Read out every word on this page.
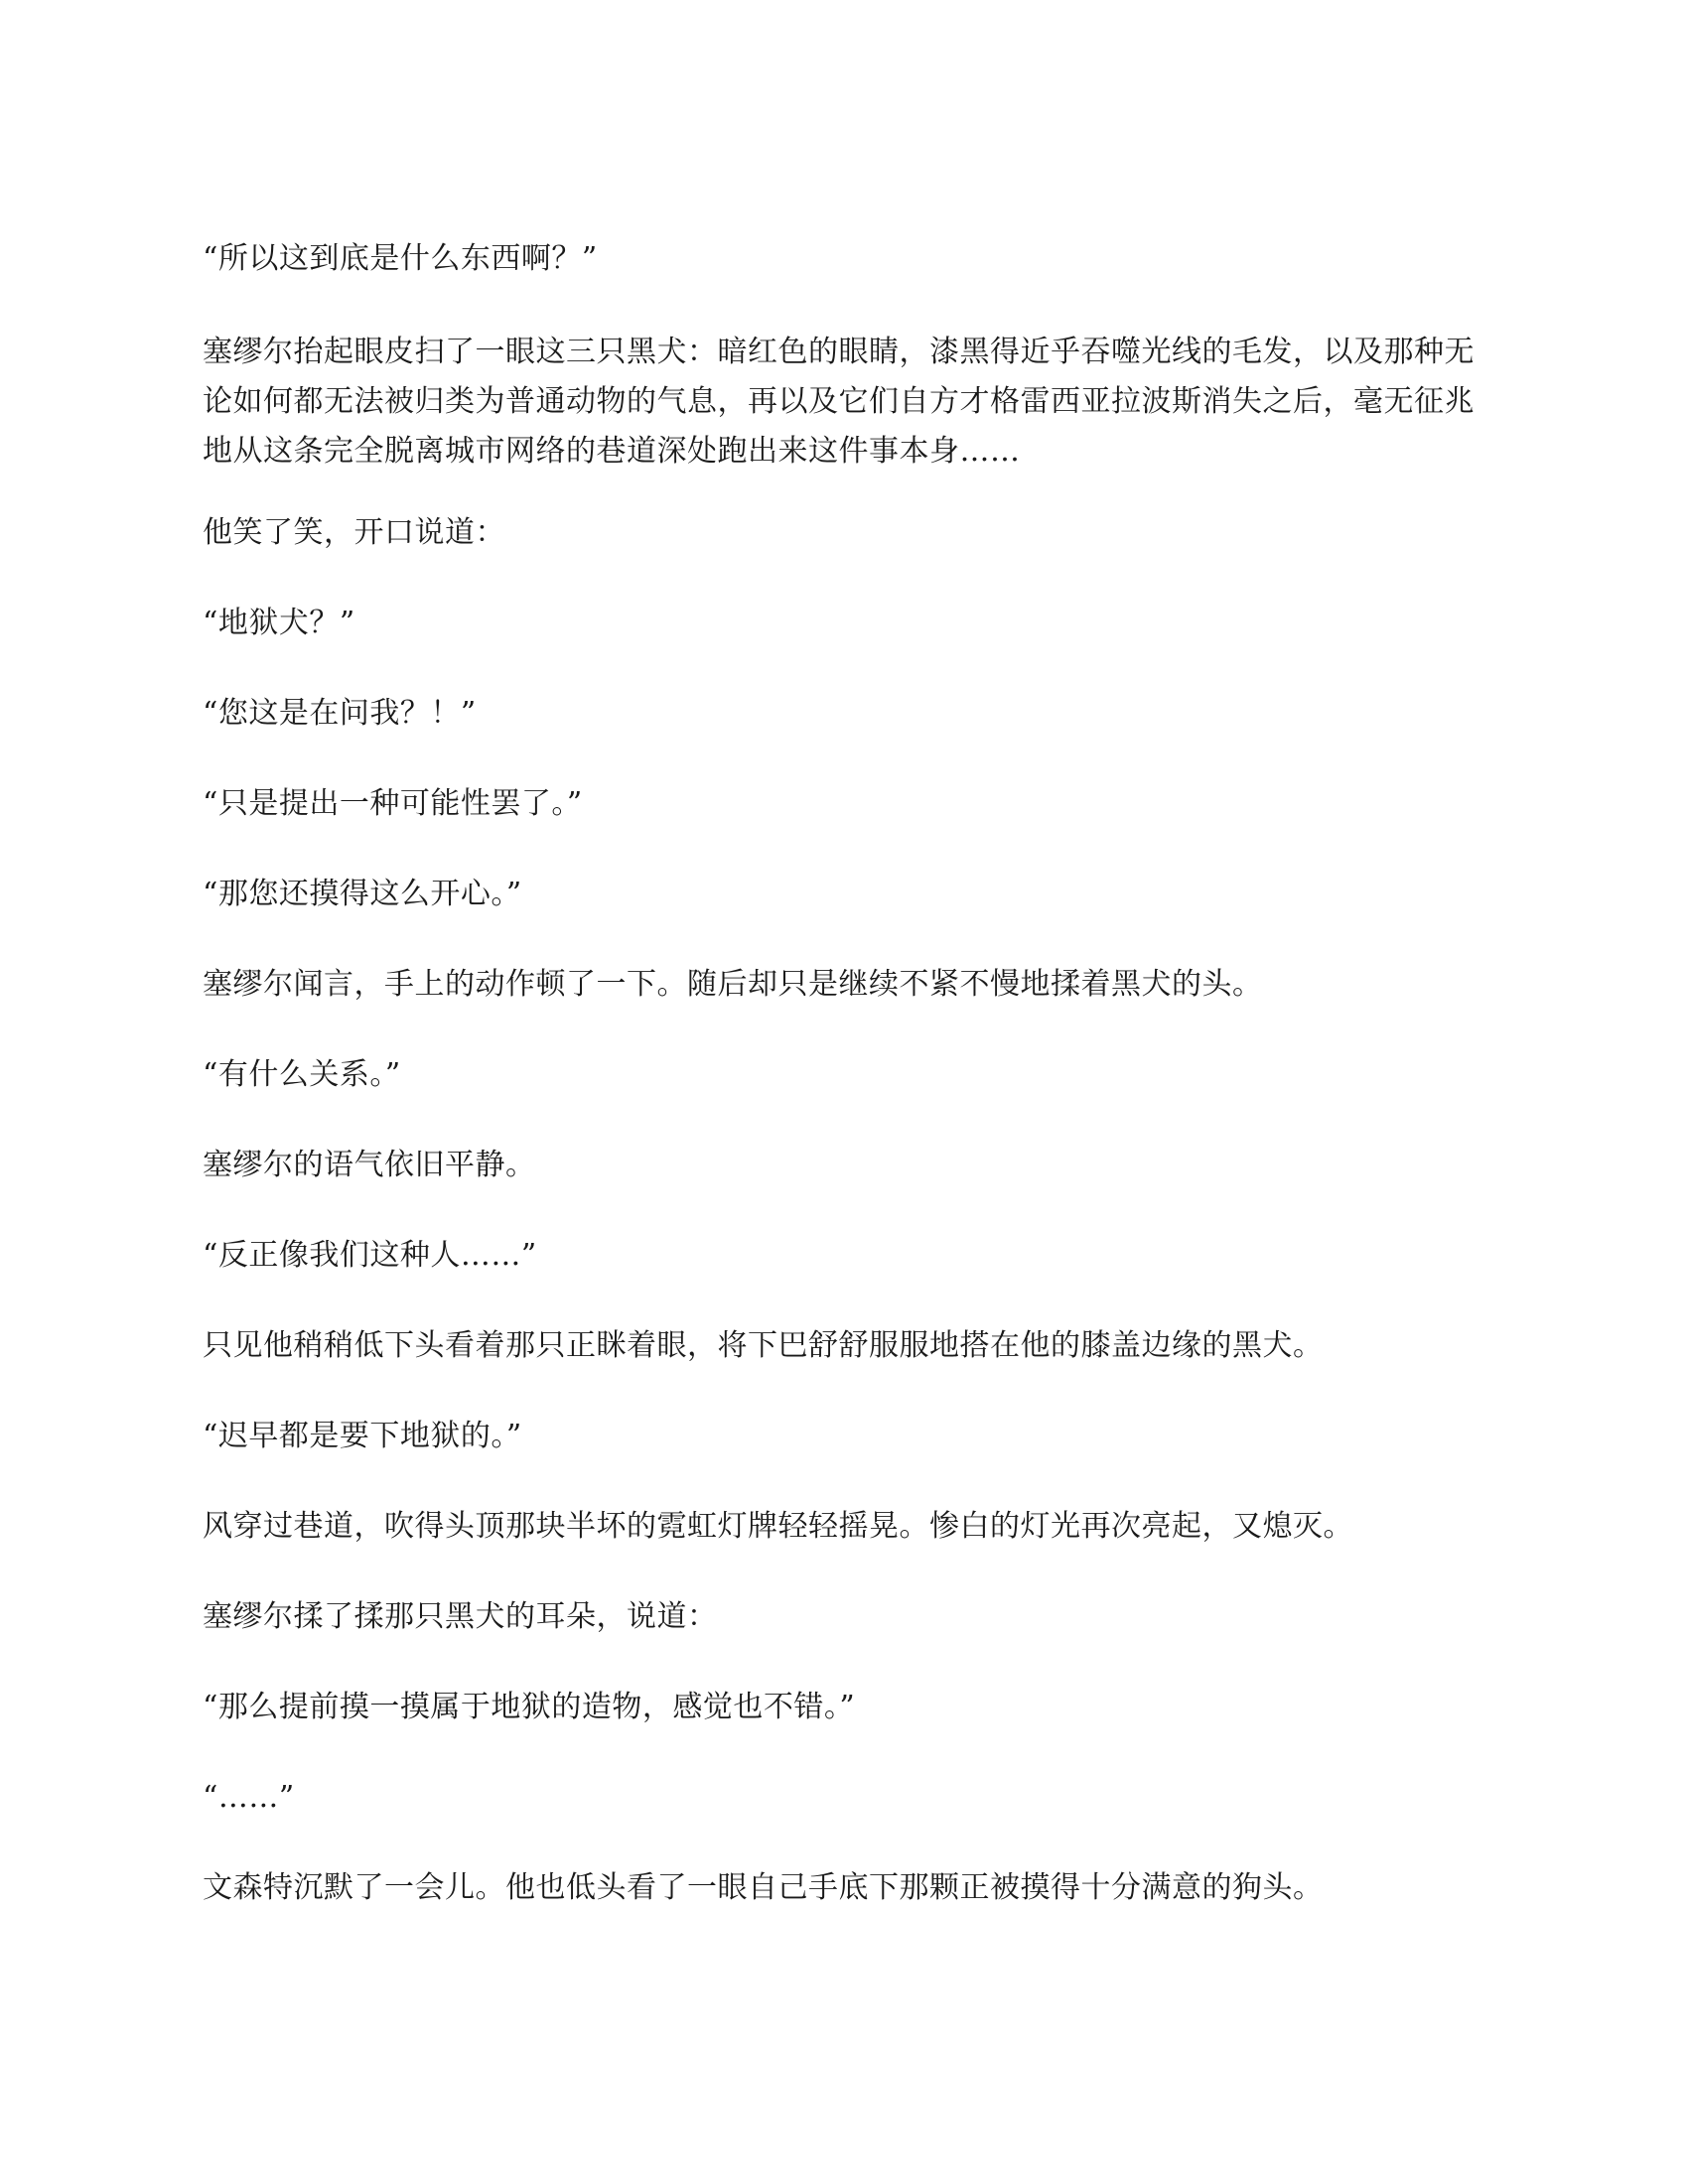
“所以这到底是什么东西啊？”

塞缪尔抬起眼皮扫了一眼这三只黑犬：暗红色的眼睛，漆黑得近乎吞噬光线的毛发，以及那种无论如何都无法被归类为普通动物的气息，再以及它们自方才格雷西亚拉波斯消失之后，毫无征兆地从这条完全脱离城市网络的巷道深处跑出来这件事本身……

他笑了笑，开口说道：

“地狱犬？”

“您这是在问我？！”

“只是提出一种可能性罢了。”

“那您还摸得这么开心。”

塞缪尔闻言，手上的动作顿了一下。随后却只是继续不紧不慢地揉着黑犬的头。

“有什么关系。”

塞缪尔的语气依旧平静。

“反正像我们这种人……”

只见他稍稍低下头看着那只正眯着眼，将下巴舒舒服服地搭在他的膝盖边缘的黑犬。

“迟早都是要下地狱的。”

风穿过巷道，吹得头顶那块半坏的霓虹灯牌轻轻摇晃。惨白的灯光再次亮起，又熄灭。

塞缪尔揉了揉那只黑犬的耳朵，说道：

“那么提前摸一摸属于地狱的造物，感觉也不错。”

“……”

文森特沉默了一会儿。他也低头看了一眼自己手底下那颗正被摸得十分满意的狗头。
